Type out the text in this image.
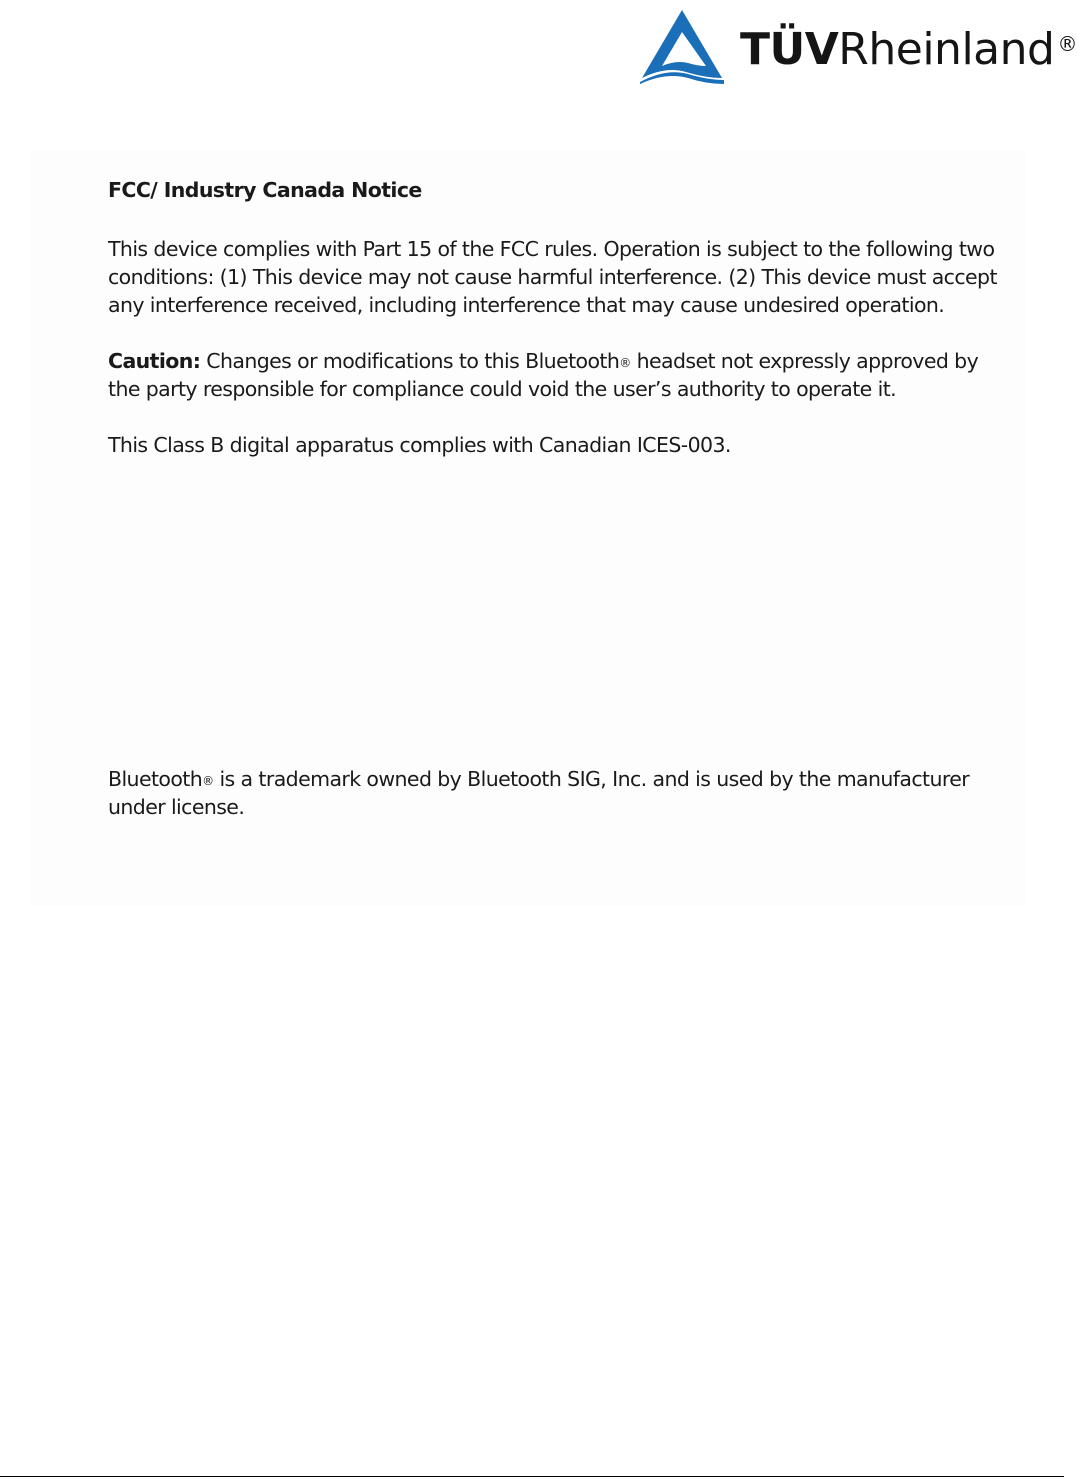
TÜVRheinland ®

FCC/ Industry Canada Notice

This device complies with Part 15 of the FCC rules. Operation is subject to the following two conditions: (1) This device may not cause harmful interference. (2) This device must accept any interference received, including interference that may cause undesired operation.

Caution: Changes or modifications to this Bluetooth® headset not expressly approved by the party responsible for compliance could void the user’s authority to operate it.

This Class B digital apparatus complies with Canadian ICES-003.

Bluetooth® is a trademark owned by Bluetooth SIG, Inc. and is used by the manufacturer under license.
